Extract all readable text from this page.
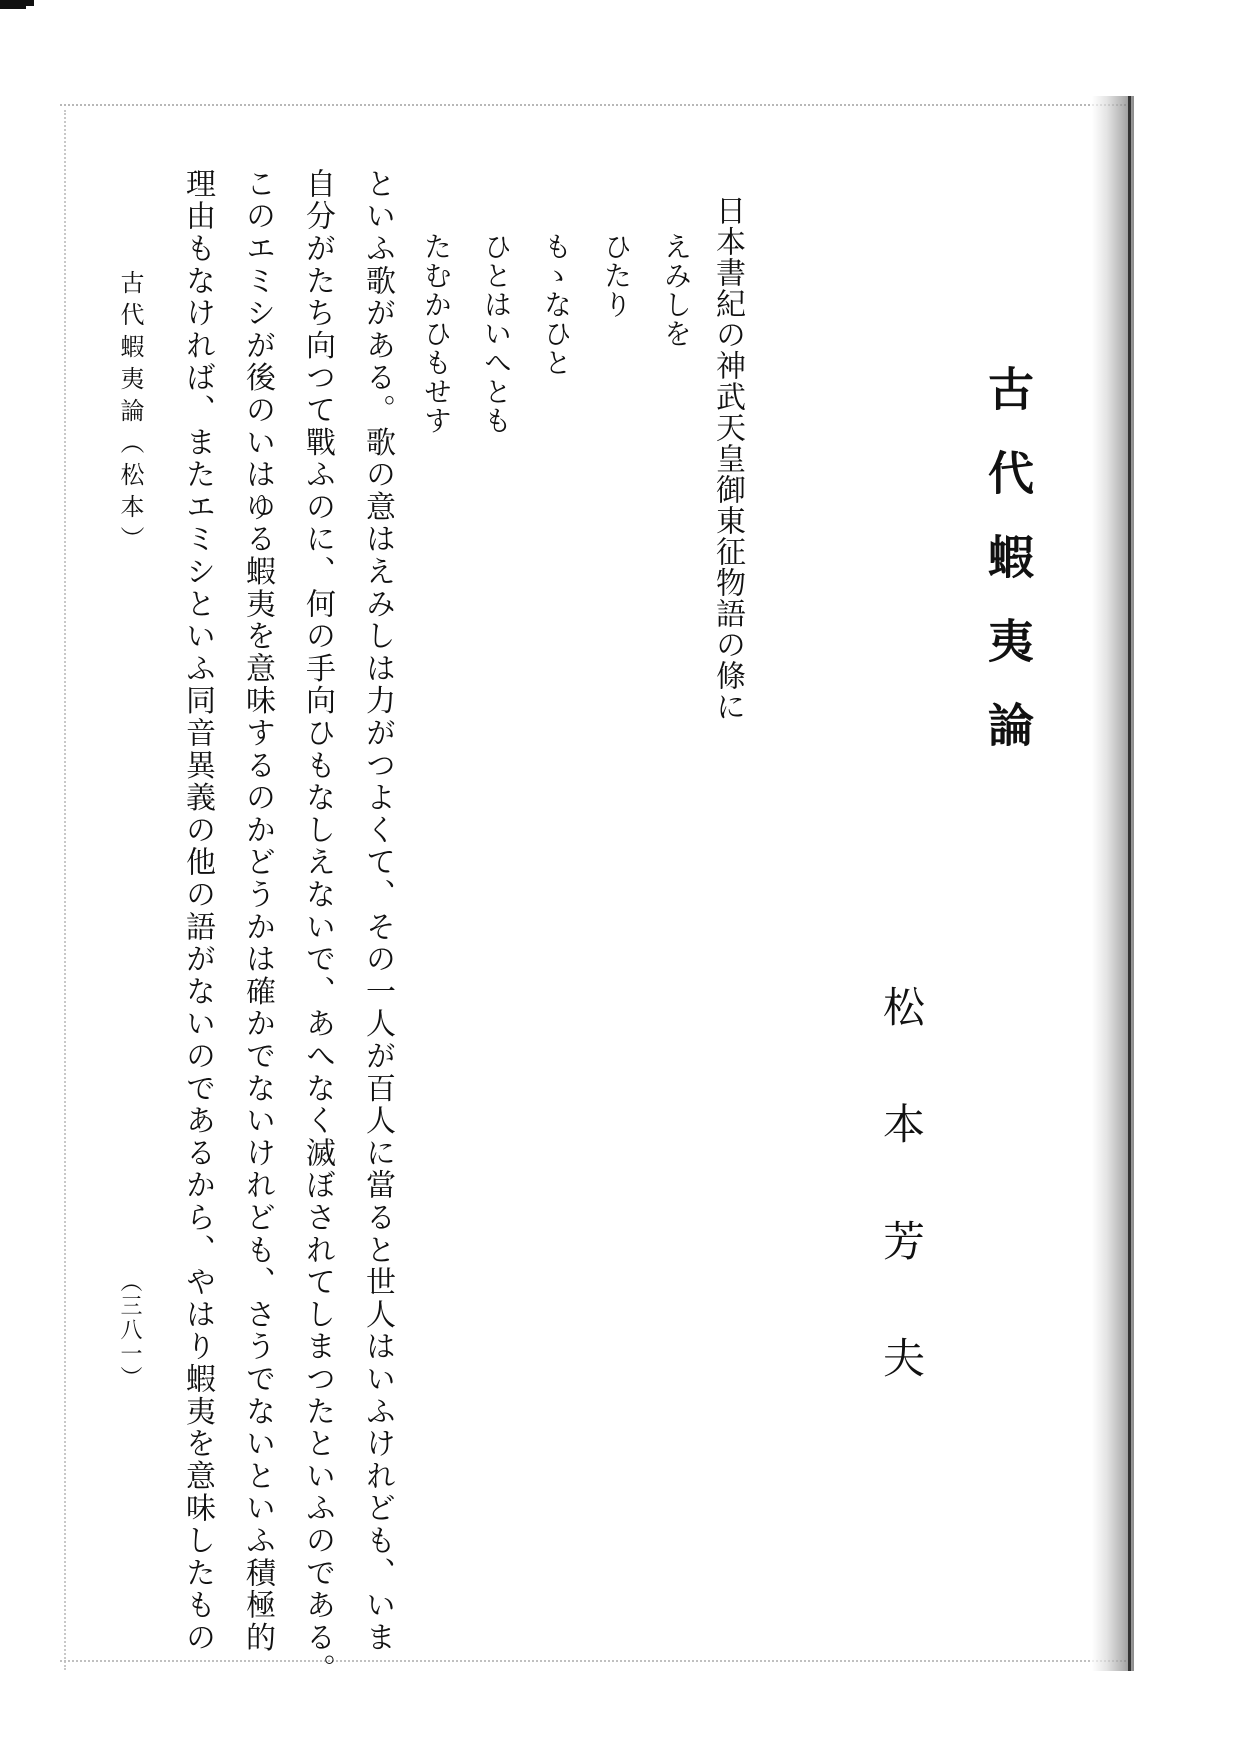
古代蝦夷論
松本芳夫
日本書紀の神武天皇御東征物語の條に
えみしを
ひたり
もゝなひと
ひとはいへとも
たむかひもせす
といふ歌がある。歌の意はえみしは力がつよくて、その一人が百人に當ると世人はいふけれども、いま
自分がたち向つて戰ふのに、何の手向ひもなしえないで、あへなく滅ぼされてしまつたといふのである。
このエミシが後のいはゆる蝦夷を意味するのかどうかは確かでないけれども、さうでないといふ積極的
理由もなければ、またエミシといふ同音異義の他の語がないのであるから、やはり蝦夷を意味したもの
古代蝦夷論（松本）
（三八一）
